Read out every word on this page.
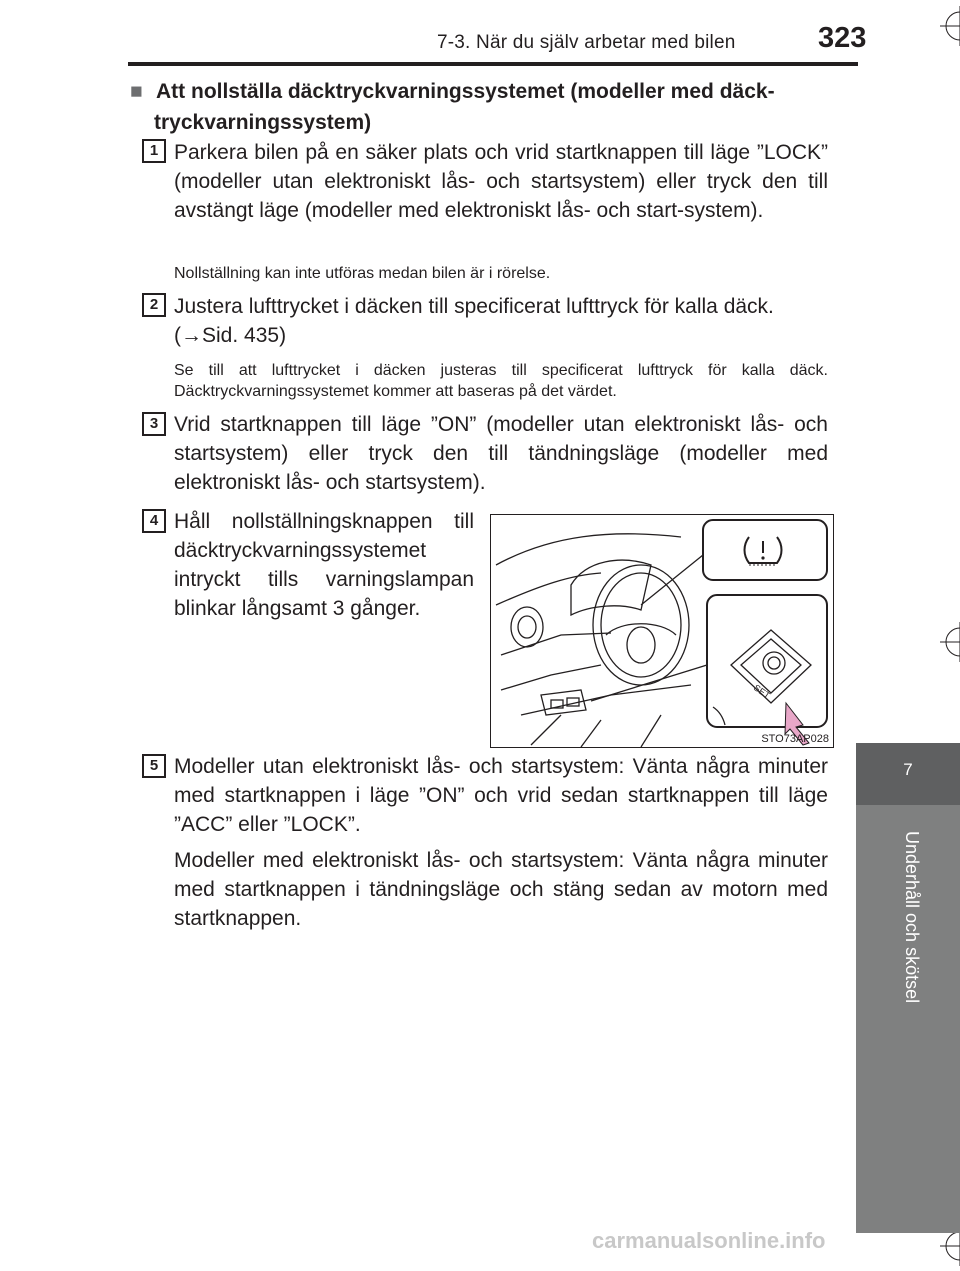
7-3. När du själv arbetar med bilen	323
7
Underhåll och skötsel
■ Att nollställa däcktryckvarningssystemet (modeller med däck-
tryckvarningssystem)
1 Parkera bilen på en säker plats och vrid startknappen till läge ”LOCK” (modeller utan elektroniskt lås- och startsystem) eller tryck den till avstängt läge (modeller med elektroniskt lås- och start-system).
Nollställning kan inte utföras medan bilen är i rörelse.
2 Justera lufttrycket i däcken till specificerat lufttryck för kalla däck.
(→Sid. 435)
Se till att lufttrycket i däcken justeras till specificerat lufttryck för kalla däck. Däcktryckvarningssystemet kommer att baseras på det värdet.
3 Vrid startknappen till läge ”ON” (modeller utan elektroniskt lås- och startsystem) eller tryck den till tändningsläge (modeller med elektroniskt lås- och startsystem).
4 Håll nollställningsknappen till däcktryckvarningssystemet intryckt tills varningslampan blinkar långsamt 3 gånger.
SET
STO73AP028
5 Modeller utan elektroniskt lås- och startsystem: Vänta några minuter med startknappen i läge ”ON” och vrid sedan startknappen till läge ”ACC” eller ”LOCK”.
Modeller med elektroniskt lås- och startsystem: Vänta några minuter med startknappen i tändningsläge och stäng sedan av motorn med startknappen.
carmanualsonline.info
